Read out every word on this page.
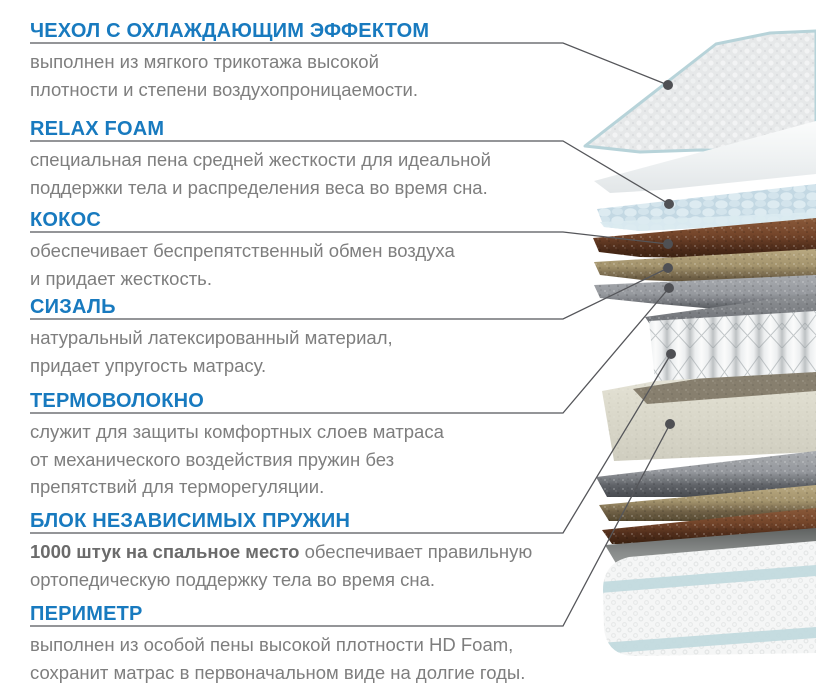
ЧЕХОЛ С ОХЛАЖДАЮЩИМ ЭФФЕКТОМ
выполнен из мягкого трикотажа высокой
плотности и степени воздухопроницаемости.
RELAX FOAM
специальная пена средней жесткости для идеальной
поддержки тела и распределения веса во время сна.
КОКОС
обеспечивает беспрепятственный обмен воздуха
и придает жесткость.
СИЗАЛЬ
натуральный латексированный материал,
придает упругость матрасу.
ТЕРМОВОЛОКНО
служит для защиты комфортных слоев матраса
от механического воздействия пружин без
препятствий для терморегуляции.
БЛОК НЕЗАВИСИМЫХ ПРУЖИН
1000 штук на спальное место обеспечивает правильную
ортопедическую поддержку тела во время сна.
ПЕРИМЕТР
выполнен из особой пены высокой плотности HD Foam,
сохранит матрас в первоначальном виде на долгие годы.
